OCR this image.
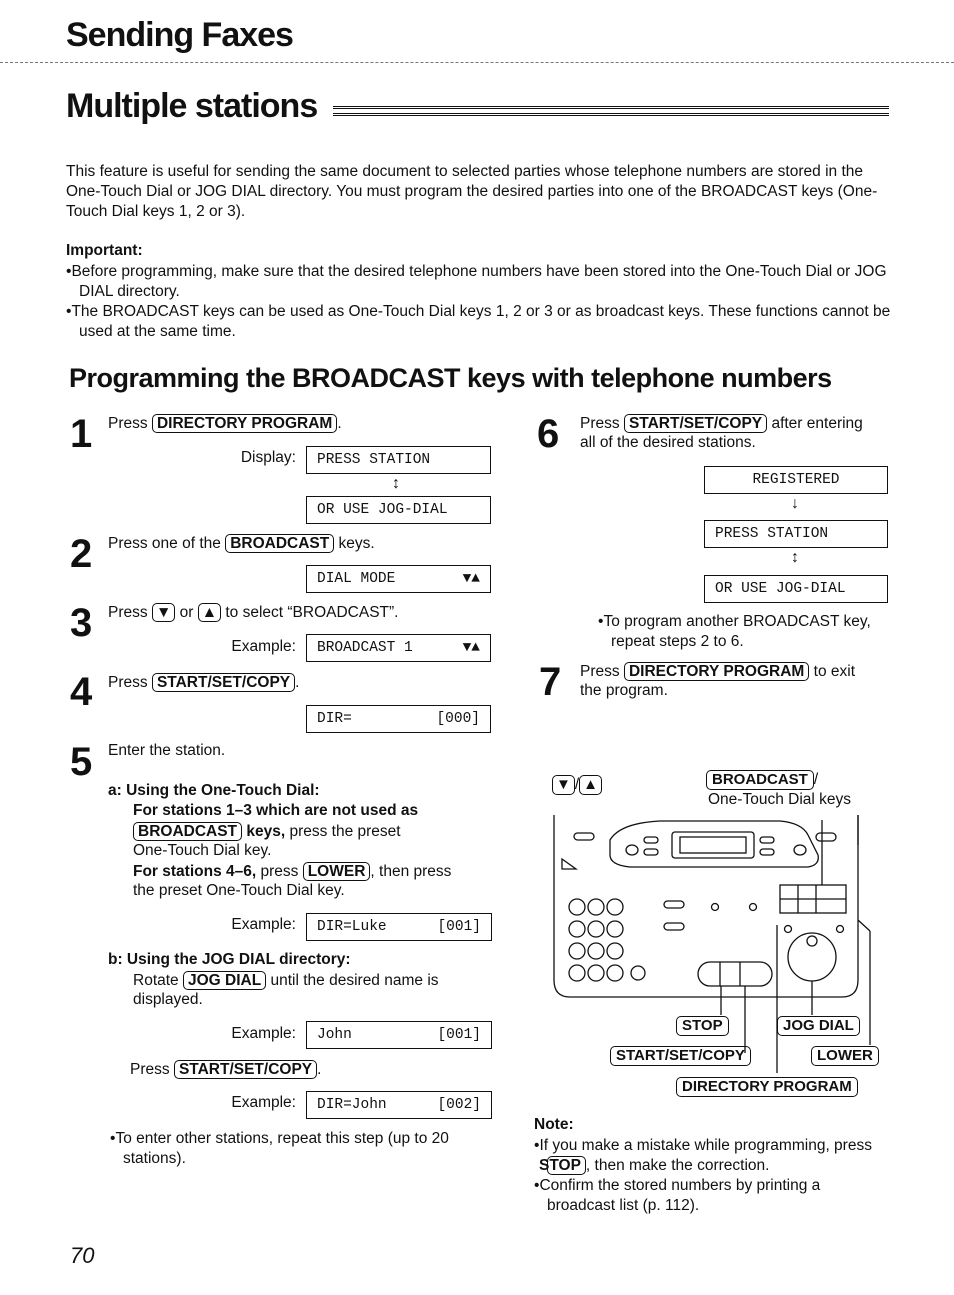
Sending Faxes
Multiple stations
This feature is useful for sending the same document to selected parties whose telephone numbers are stored in the One-Touch Dial or JOG DIAL directory. You must program the desired parties into one of the BROADCAST keys (One-Touch Dial keys 1, 2 or 3).
Important:
•Before programming, make sure that the desired telephone numbers have been stored into the One-Touch Dial or JOG DIAL directory.
•The BROADCAST keys can be used as One-Touch Dial keys 1, 2 or 3 or as broadcast keys. These functions cannot be used at the same time.
Programming the BROADCAST keys with telephone numbers
1 Press DIRECTORY PROGRAM .
Display: PRESS STATION
↕
OR USE JOG-DIAL
2 Press one of the BROADCAST keys.
DIAL MODE	▼▲
3 Press ▼ or ▲ to select “BROADCAST”.
Example: BROADCAST 1	▼▲
4 Press START/SET/COPY .
DIR=	[000]
5 Enter the station.
a: Using the One-Touch Dial:
For stations 1–3 which are not used as
BROADCAST keys, press the preset
One-Touch Dial key.
For stations 4–6, press LOWER , then press
the preset One-Touch Dial key.
Example: DIR=Luke	[001]
b: Using the JOG DIAL directory:
Rotate JOG DIAL until the desired name is
displayed.
Example: John	[001]
Press START/SET/COPY .
Example: DIR=John	[002]
•To enter other stations, repeat this step (up to 20 stations).
6 Press START/SET/COPY after entering
all of the desired stations.
REGISTERED
↓
PRESS STATION
↕
OR USE JOG-DIAL
•To program another BROADCAST key, repeat steps 2 to 6.
7 Press DIRECTORY PROGRAM to exit
the program.
▼ / ▲	BROADCAST /
One-Touch Dial keys
STOP	JOG DIAL
START/SET/COPY	LOWER
DIRECTORY PROGRAM
Note:
•If you make a mistake while programming, press STOP , then make the correction.
•Confirm the stored numbers by printing a broadcast list (p. 112).
70
